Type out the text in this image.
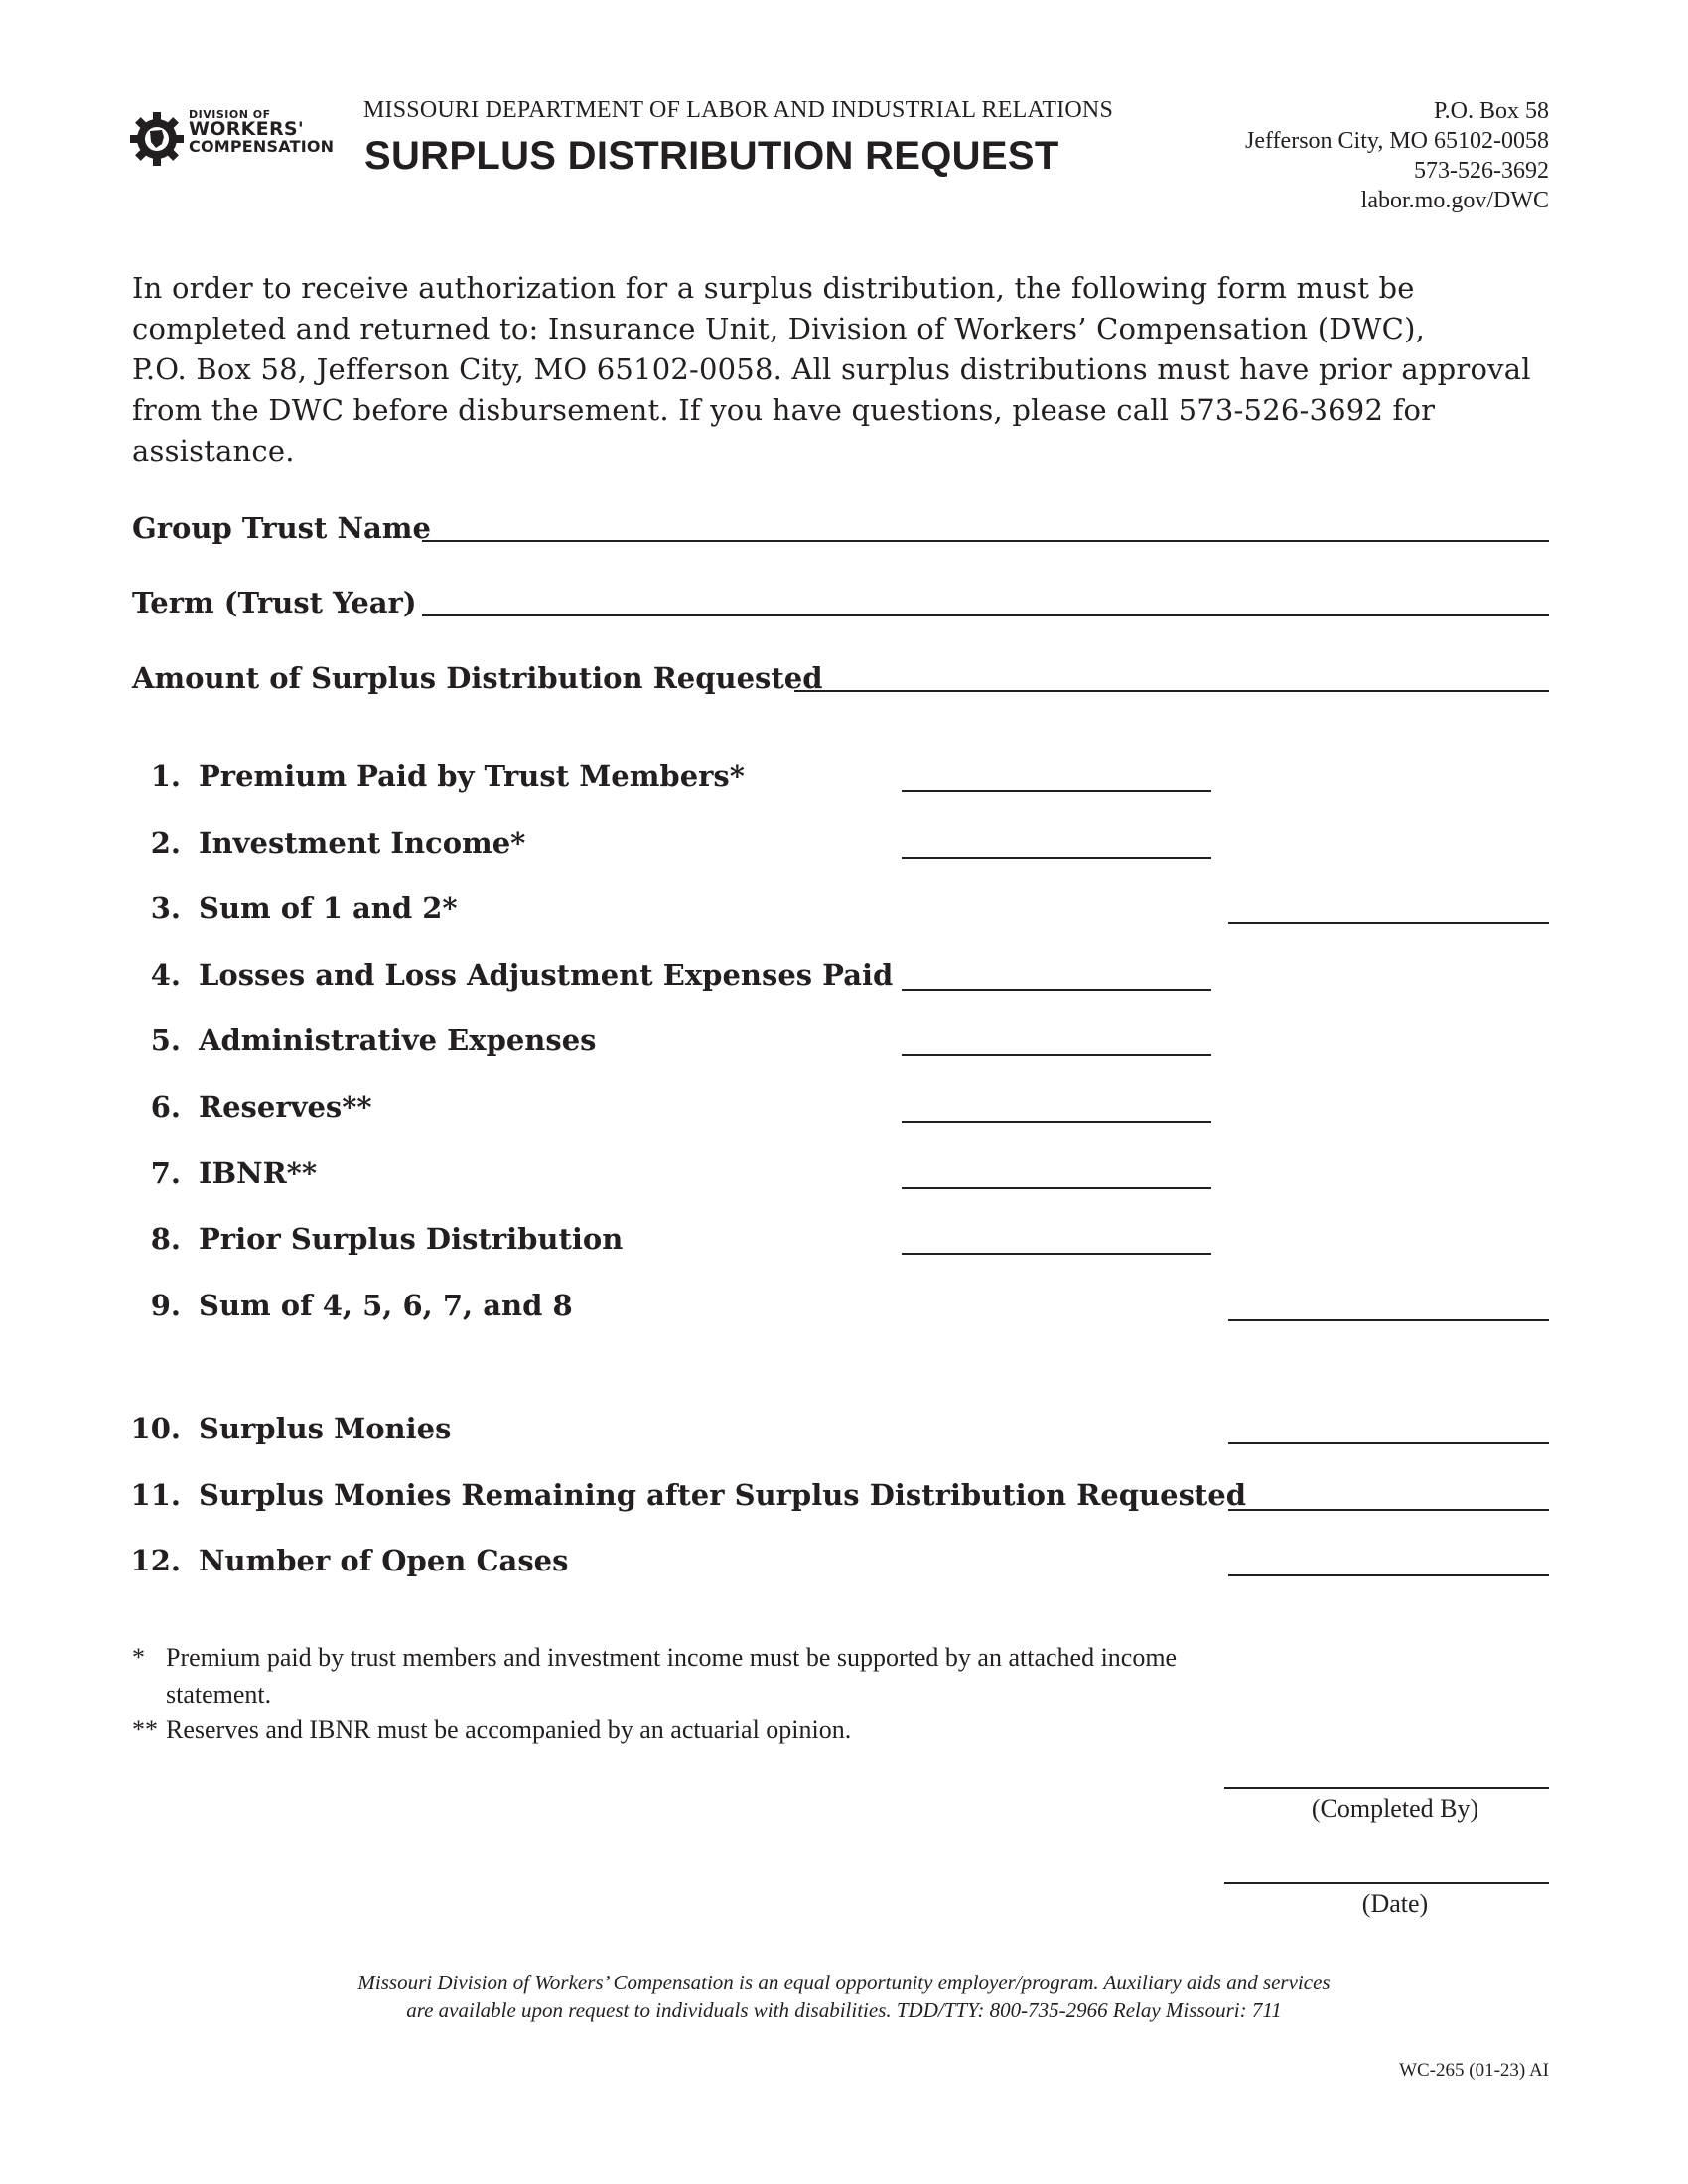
DIVISION OF
WORKERS'
COMPENSATION
MISSOURI DEPARTMENT OF LABOR AND INDUSTRIAL RELATIONS
SURPLUS DISTRIBUTION REQUEST
P.O. Box 58
Jefferson City, MO 65102-0058
573-526-3692
labor.mo.gov/DWC
In order to receive authorization for a surplus distribution, the following form must be
completed and returned to: Insurance Unit, Division of Workers’ Compensation (DWC),
P.O. Box 58, Jefferson City, MO 65102-0058. All surplus distributions must have prior approval
from the DWC before disbursement. If you have questions, please call 573-526-3692 for
assistance.
Group Trust Name
Term (Trust Year)
Amount of Surplus Distribution Requested
1. Premium Paid by Trust Members*
2. Investment Income*
3. Sum of 1 and 2*
4. Losses and Loss Adjustment Expenses Paid
5. Administrative Expenses
6. Reserves**
7. IBNR**
8. Prior Surplus Distribution
9. Sum of 4, 5, 6, 7, and 8
10. Surplus Monies
11. Surplus Monies Remaining after Surplus Distribution Requested
12. Number of Open Cases
* Premium paid by trust members and investment income must be supported by an attached income
statement.
** Reserves and IBNR must be accompanied by an actuarial opinion.
(Completed By)
(Date)
Missouri Division of Workers’ Compensation is an equal opportunity employer/program. Auxiliary aids and services
are available upon request to individuals with disabilities. TDD/TTY: 800-735-2966 Relay Missouri: 711
WC-265 (01-23) AI
